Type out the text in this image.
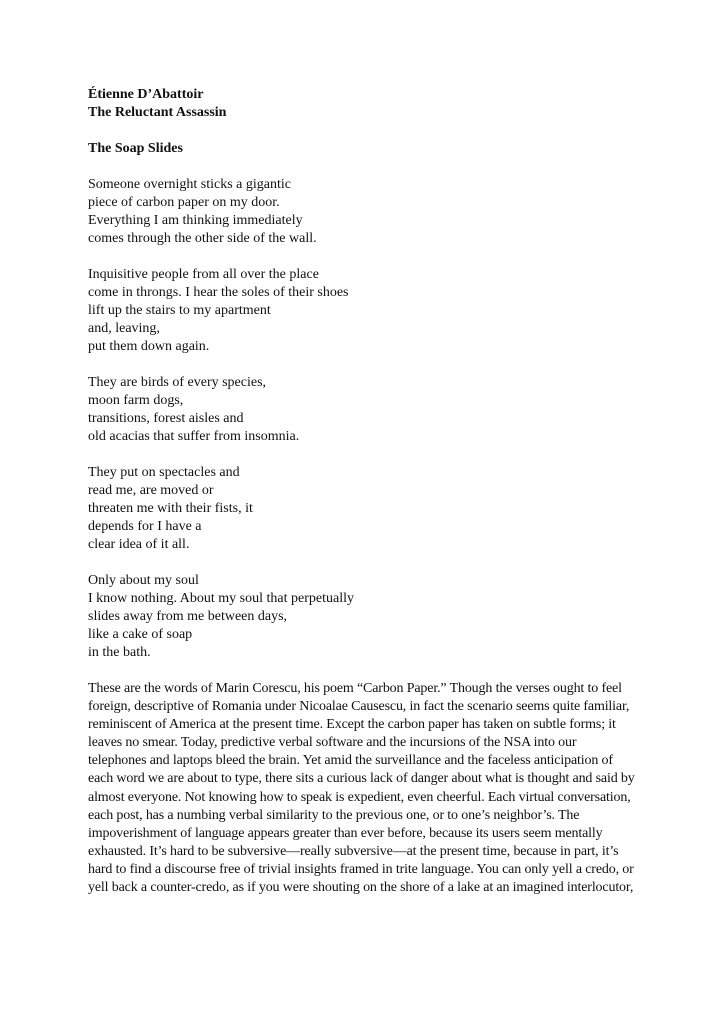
Étienne D’Abattoir
The Reluctant Assassin
The Soap Slides
Someone overnight sticks a gigantic
piece of carbon paper on my door.
Everything I am thinking immediately
comes through the other side of the wall.
Inquisitive people from all over the place
come in throngs. I hear the soles of their shoes
lift up the stairs to my apartment
and, leaving,
put them down again.
They are birds of every species,
moon farm dogs,
transitions, forest aisles and
old acacias that suffer from insomnia.
They put on spectacles and
read me, are moved or
threaten me with their fists, it
depends for I have a
clear idea of it all.
Only about my soul
I know nothing. About my soul that perpetually
slides away from me between days,
like a cake of soap
in the bath.
These are the words of Marin Corescu, his poem “Carbon Paper.” Though the verses ought to feel
foreign, descriptive of Romania under Nicoalae Causescu, in fact the scenario seems quite familiar,
reminiscent of America at the present time. Except the carbon paper has taken on subtle forms; it
leaves no smear. Today, predictive verbal software and the incursions of the NSA into our
telephones and laptops bleed the brain. Yet amid the surveillance and the faceless anticipation of
each word we are about to type, there sits a curious lack of danger about what is thought and said by
almost everyone. Not knowing how to speak is expedient, even cheerful. Each virtual conversation,
each post, has a numbing verbal similarity to the previous one, or to one’s neighbor’s. The
impoverishment of language appears greater than ever before, because its users seem mentally
exhausted. It’s hard to be subversive—really subversive—at the present time, because in part, it’s
hard to find a discourse free of trivial insights framed in trite language. You can only yell a credo, or
yell back a counter-credo, as if you were shouting on the shore of a lake at an imagined interlocutor,
